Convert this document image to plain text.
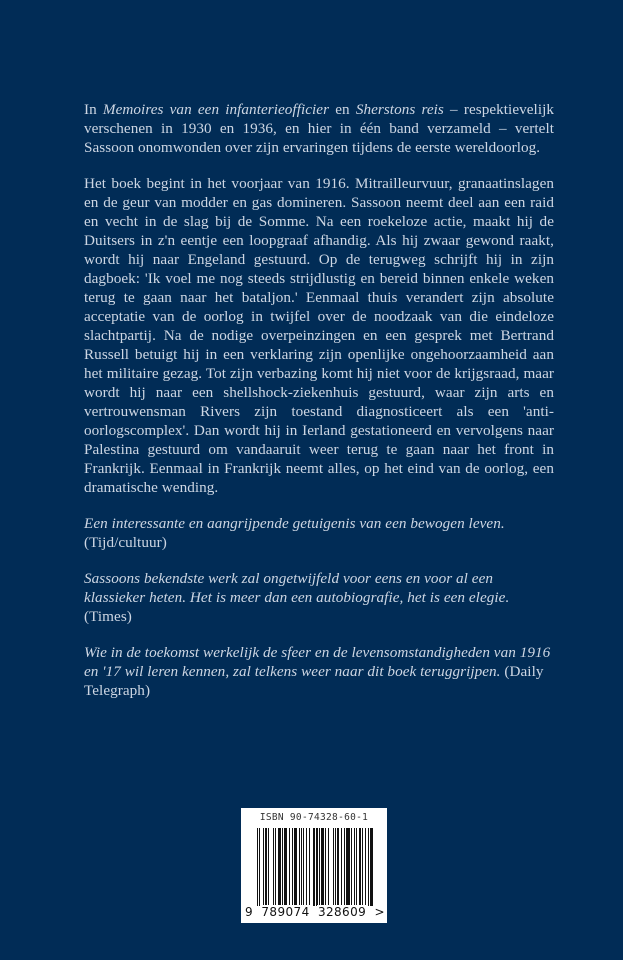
In Memoires van een infanterieofficier en Sherstons reis – respektievelijk verschenen in 1930 en 1936, en hier in één band verzameld – vertelt Sassoon onomwonden over zijn ervaringen tijdens de eerste wereldoorlog.

Het boek begint in het voorjaar van 1916. Mitrailleurvuur, granaatinslagen en de geur van modder en gas domineren. Sassoon neemt deel aan een raid en vecht in de slag bij de Somme. Na een roekeloze actie, maakt hij de Duitsers in z'n eentje een loopgraaf afhandig. Als hij zwaar gewond raakt, wordt hij naar Engeland gestuurd. Op de terugweg schrijft hij in zijn dagboek: 'Ik voel me nog steeds strijdlustig en bereid binnen enkele weken terug te gaan naar het bataljon.' Eenmaal thuis verandert zijn absolute acceptatie van de oorlog in twijfel over de noodzaak van die eindeloze slachtpartij. Na de nodige overpeinzingen en een gesprek met Bertrand Russell betuigt hij in een verklaring zijn openlijke ongehoorzaamheid aan het militaire gezag. Tot zijn verbazing komt hij niet voor de krijgsraad, maar wordt hij naar een shellshock-ziekenhuis gestuurd, waar zijn arts en vertrouwensman Rivers zijn toestand diagnosticeert als een 'anti-oorlogscomplex'. Dan wordt hij in Ierland gestationeerd en vervolgens naar Palestina gestuurd om vandaaruit weer terug te gaan naar het front in Frankrijk. Eenmaal in Frankrijk neemt alles, op het eind van de oorlog, een dramatische wending.

Een interessante en aangrijpende getuigenis van een bewogen leven. (Tijd/cultuur)

Sassoons bekendste werk zal ongetwijfeld voor eens en voor al een klassieker heten. Het is meer dan een autobiografie, het is een elegie. (Times)

Wie in de toekomst werkelijk de sfeer en de levensomstandigheden van 1916 en '17 wil leren kennen, zal telkens weer naar dit boek teruggrijpen. (Daily Telegraph)

ISBN 90-74328-60-1
9 789074 328609 >
